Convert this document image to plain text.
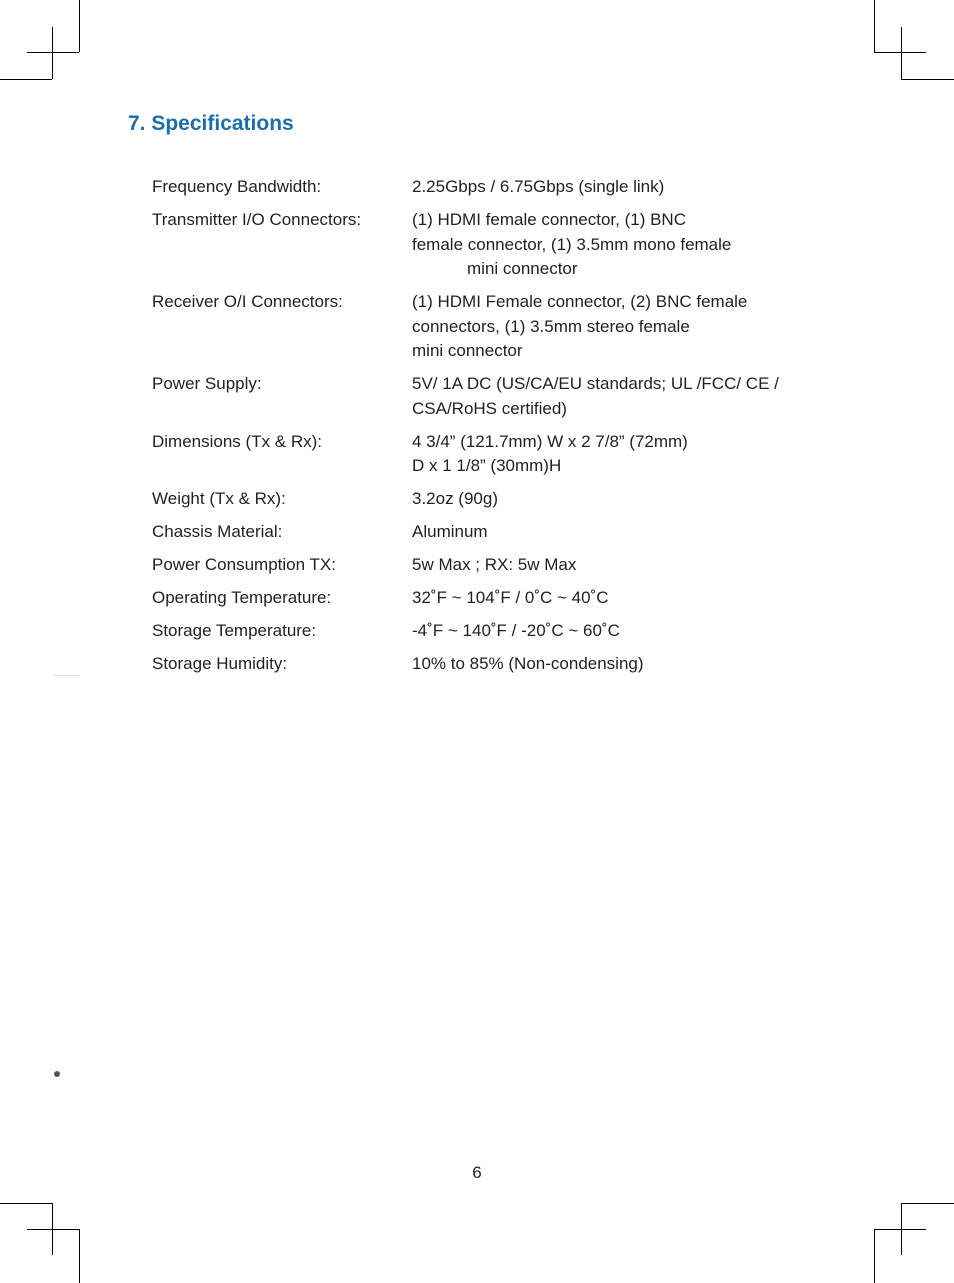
7. Specifications
Frequency Bandwidth:	2.25Gbps / 6.75Gbps (single link)
Transmitter I/O Connectors:	(1) HDMI female connector, (1) BNC
female connector, (1) 3.5mm mono female
mini connector
Receiver O/I Connectors:	(1) HDMI Female connector, (2) BNC female
connectors, (1) 3.5mm stereo female
mini connector
Power Supply:	5V/ 1A DC (US/CA/EU standards; UL /FCC/ CE /
CSA/RoHS certified)
Dimensions (Tx & Rx):	4 3/4” (121.7mm) W x 2 7/8” (72mm)
D x 1 1/8” (30mm)H
Weight (Tx & Rx):	3.2oz (90g)
Chassis Material:	Aluminum
Power Consumption TX:	5w Max ; RX: 5w Max
Operating Temperature:	32˚F ~ 104˚F / 0˚C ~ 40˚C
Storage Temperature:	-4˚F ~ 140˚F / -20˚C ~ 60˚C
Storage Humidity:	10% to 85% (Non-condensing)
6
